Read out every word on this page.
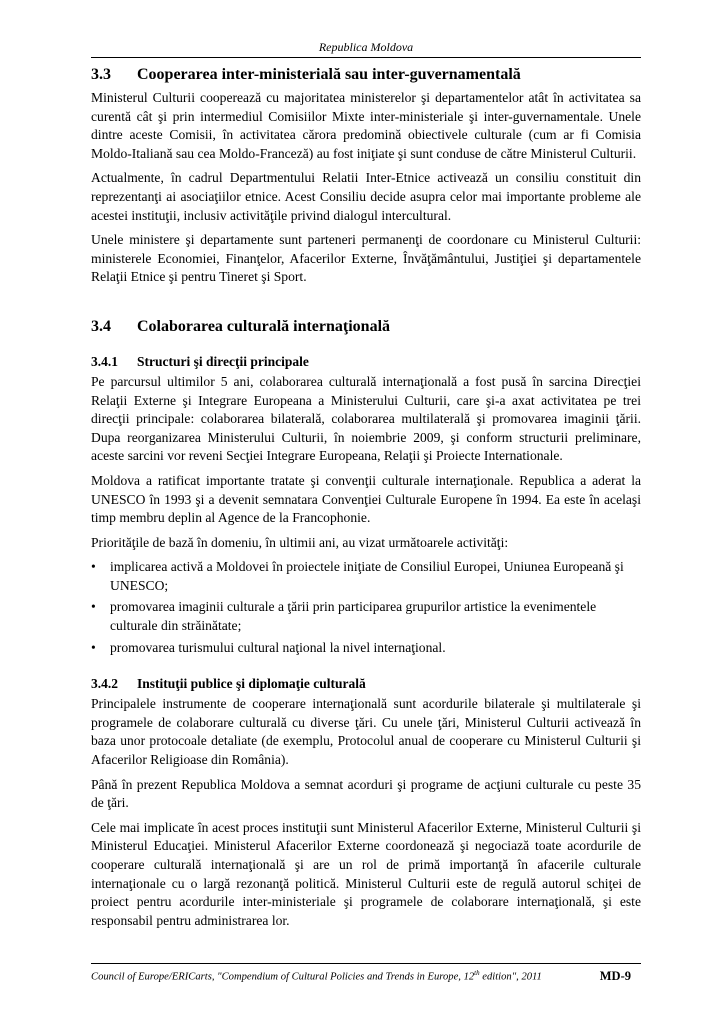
Republica Moldova
3.3	Cooperarea inter-ministerială sau inter-guvernamentală

Ministerul Culturii cooperează cu majoritatea ministerelor şi departamentelor atât în activitatea sa curentă cât şi prin intermediul Comisiilor Mixte inter-ministeriale şi inter-guvernamentale. Unele dintre aceste Comisii, în activitatea cărora predomină obiectivele culturale (cum ar fi Comisia Moldo-Italiană sau cea Moldo-Franceză) au fost iniţiate şi sunt conduse de către Ministerul Culturii.

Actualmente, în cadrul Departmentului Relatii Inter-Etnice activează un consiliu constituit din reprezentanţi ai asociaţiilor etnice. Acest Consiliu decide asupra celor mai importante probleme ale acestei instituţii, inclusiv activităţile privind dialogul intercultural.

Unele ministere şi departamente sunt parteneri permanenţi de coordonare cu Ministerul Culturii: ministerele Economiei, Finanţelor, Afacerilor Externe, Învăţământului, Justiţiei şi departamentele Relaţii Etnice şi pentru Tineret şi Sport.

3.4	Colaborarea culturală internaţională
3.4.1	Structuri şi direcţii principale

Pe parcursul ultimilor 5 ani, colaborarea culturală internaţională a fost pusă în sarcina Direcţiei Relaţii Externe şi Integrare Europeana a Ministerului Culturii, care şi-a axat activitatea pe trei direcţii principale: colaborarea bilaterală, colaborarea multilaterală şi promovarea imaginii ţării. Dupa reorganizarea Ministerului Culturii, în noiembrie 2009, şi conform structurii preliminare, aceste sarcini vor reveni Secţiei Integrare Europeana, Relaţii şi Proiecte Internationale.

Moldova a ratificat importante tratate şi convenţii culturale internaţionale. Republica a aderat la UNESCO în 1993 şi a devenit semnatara Convenţiei Culturale Europene în 1994. Ea este în acelaşi timp membru deplin al Agence de la Francophonie.

Priorităţile de bază în domeniu, în ultimii ani, au vizat următoarele activităţi:

•	implicarea activă a Moldovei în proiectele iniţiate de Consiliul Europei, Uniunea Europeană şi UNESCO;
•	promovarea imaginii culturale a ţării prin participarea grupurilor artistice la evenimentele culturale din străinătate;
•	promovarea turismului cultural naţional la nivel internaţional.
3.4.2	Instituţii publice şi diplomaţie culturală

Principalele instrumente de cooperare internaţională sunt acordurile bilaterale şi multilaterale şi programele de colaborare culturală cu diverse ţări. Cu unele ţări, Ministerul Culturii activează în baza unor protocoale detaliate (de exemplu, Protocolul anual de cooperare cu Ministerul Culturii şi Afacerilor Religioase din România).

Până în prezent Republica Moldova a semnat acorduri şi programe de acţiuni culturale cu peste 35 de ţări.

Cele mai implicate în acest proces instituţii sunt Ministerul Afacerilor Externe, Ministerul Culturii şi Ministerul Educaţiei. Ministerul Afacerilor Externe coordonează şi negociază toate acordurile de cooperare culturală internaţională şi are un rol de primă importanţă în afacerile culturale internaţionale cu o largă rezonanţă politică. Ministerul Culturii este de regulă autorul schiţei de proiect pentru acordurile inter-ministeriale şi programele de colaborare internaţională, şi este responsabil pentru administrarea lor.

Council of Europe/ERICarts, "Compendium of Cultural Policies and Trends in Europe, 12th edition", 2011	MD-9
